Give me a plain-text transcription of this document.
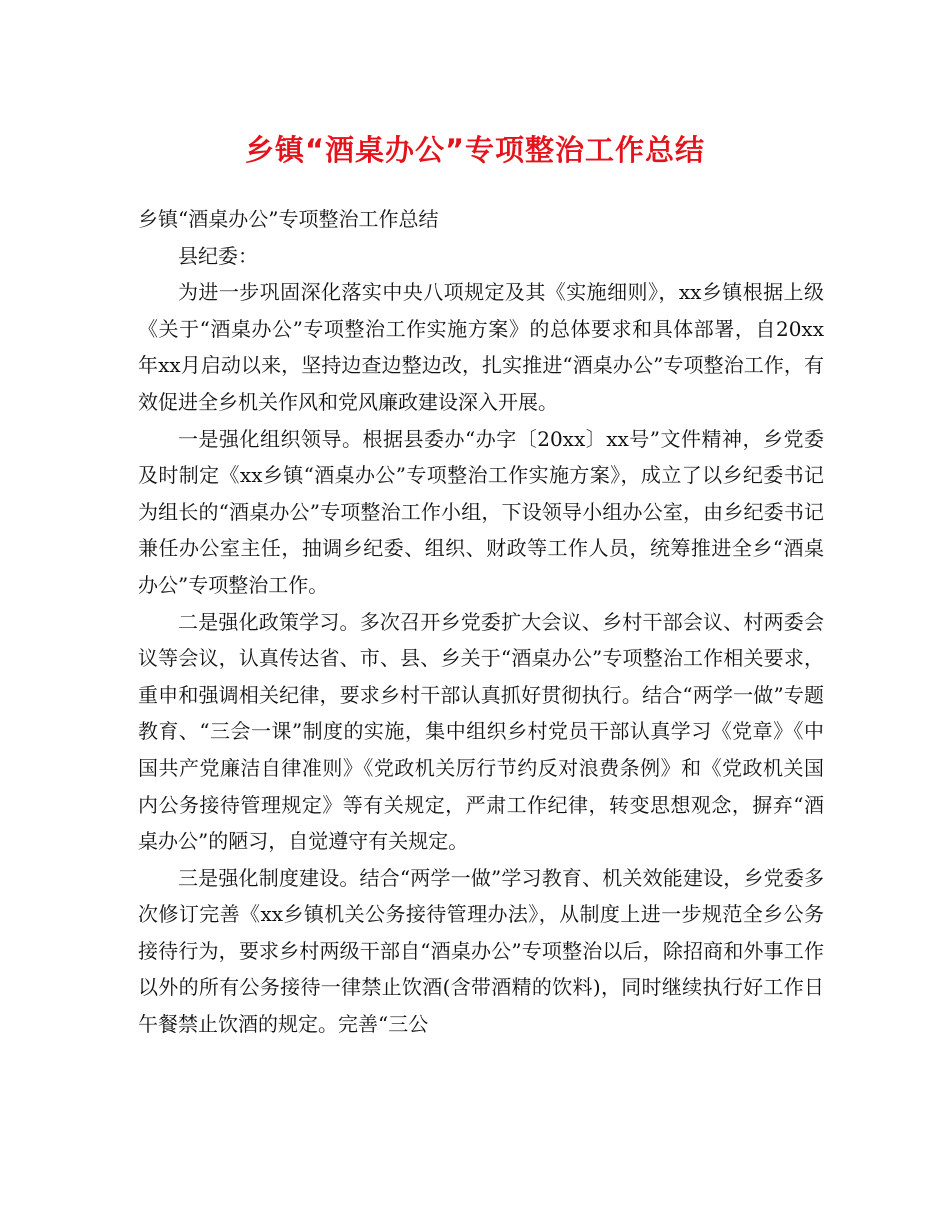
乡镇“酒桌办公”专项整治工作总结

乡镇“酒桌办公”专项整治工作总结

县纪委：

为进一步巩固深化落实中央八项规定及其《实施细则》，xx乡镇根据上级《关于“酒桌办公”专项整治工作实施方案》的总体要求和具体部署，自20xx年xx月启动以来，坚持边查边整边改，扎实推进“酒桌办公”专项整治工作，有效促进全乡机关作风和党风廉政建设深入开展。

一是强化组织领导。根据县委办“办字〔20xx〕xx号”文件精神，乡党委及时制定《xx乡镇“酒桌办公”专项整治工作实施方案》，成立了以乡纪委书记为组长的“酒桌办公”专项整治工作小组，下设领导小组办公室，由乡纪委书记兼任办公室主任，抽调乡纪委、组织、财政等工作人员，统筹推进全乡“酒桌办公”专项整治工作。

二是强化政策学习。多次召开乡党委扩大会议、乡村干部会议、村两委会议等会议，认真传达省、市、县、乡关于“酒桌办公”专项整治工作相关要求，重申和强调相关纪律，要求乡村干部认真抓好贯彻执行。结合“两学一做”专题教育、“三会一课”制度的实施，集中组织乡村党员干部认真学习《党章》《中国共产党廉洁自律准则》《党政机关厉行节约反对浪费条例》和《党政机关国内公务接待管理规定》等有关规定，严肃工作纪律，转变思想观念，摒弃“酒桌办公”的陋习，自觉遵守有关规定。

三是强化制度建设。结合“两学一做”学习教育、机关效能建设，乡党委多次修订完善《xx乡镇机关公务接待管理办法》，从制度上进一步规范全乡公务接待行为，要求乡村两级干部自“酒桌办公”专项整治以后，除招商和外事工作以外的所有公务接待一律禁止饮酒(含带酒精的饮料)，同时继续执行好工作日午餐禁止饮酒的规定。完善“三公
